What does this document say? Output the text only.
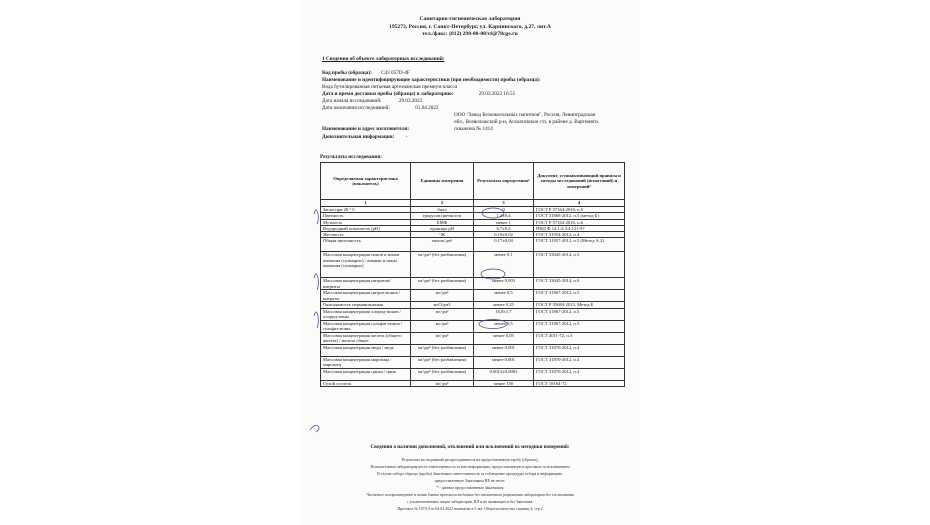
Санитарно-гигиеническая лаборатория
195273, Россия, г. Санкт-Петербург, ул. Карпинского, д.27, лит.А
тел./факс: (812) 298-00-00/vf@78cge.ru
1 Сведения об объекте лабораторных исследований:
Код пробы (образца): С43 057D-4F
Наименование и идентифицирующие характеристики (при необходимости) пробы (образца):
Вода бутилированная питьевая артезианская премиум класса
Дата и время доставки пробы (образца) в лабораторию:	29.03.2022 16:55
Дата начала исследований:	29.03.2022
Дата окончания исследований:	01.04.2022
ООО "Завод Безалкогольных напитков", Россия, Ленинградская
обл., Всеволожский р-н, Агалатовское с/п, в районе д. Вартемяги,
скважина № 1414
Наименование и адрес изготовителя:
Дополнительная информация: -
Результаты исследования:
Определяемая характеристика (показатель)	Единицы измерения	Результаты определения¹	Документ, устанавливающий правила и методы исследований (испытаний) и измерений²
1	2	3	4
Запах при 20 ° С	балл	0	ГОСТ Р 57164-2016, п.5
Цветность	градусов цветности	1,4±0,4	ГОСТ 31868-2012, п.5 (метод Б)
Мутность	ЕМФ	менее 1	ГОСТ Р 57164-2016, п.6
Водородный показатель (pH)	единицы pH	6,7±0,2	ПНД Ф 14.1:2:3:4.121-97
Жесткость	°Ж	0,10±0,02	ГОСТ 31954-2012, п.4
Общая щелочность	ммоль/дм³	0,17±0,04	ГОСТ 31957-2012, п.5 (Метод А.2)
Массовая концентрация ионов и ионов аммония (суммарно) / аммиак и ионы аммония (суммарно)	мг/дм³ (без разбавления)	менее 0,1	ГОСТ 33045-2014, п.5
Массовая концентрация нитритов/ нитриты	мг/дм³ (без разбавления)	менее 0,003	ГОСТ 33045-2014, п.6
Массовая концентрация нитрат-ионов / нитраты	мг/дм³	менее 0,5	ГОСТ 31867-2012, п.5
Окисляемость перманганатная	мгО/дм3	менее 0,25	ГОСТ Р 55684-2013, Метод Б
Массовая концентрация хлорид-ионов / хлорид-ионы	мг/дм³	16,8±1,7	ГОСТ 31867-2012, п.5
Массовая концентрация сульфат-ионов / сульфат-ионы	мг/дм³	менее 0,5	ГОСТ 31867-2012, п.5
Массовая концентрация железа (общего железа) / железо общее	мг/дм³	менее 0,05	ГОСТ 4011-72, п.3
Массовая концентрация меди / медь	мг/дм³ (без разбавления)	менее 0,001	ГОСТ 31870-2012, п.4
Массовая концентрация марганца / марганец	мг/дм³ (без разбавления)	менее 0,001	ГОСТ 31870-2012, п.4
Массовая концентрация цинка / цинк	мг/дм³ (без разбавления)	0,0013±0,0003	ГОСТ 31870-2012, п.4
Сухой остаток	мг/дм³	менее 150	ГОСТ 18164-72
Сведения о наличии дополнений, отклонений или исключений из методики измерений:
Результаты исследований распространяются на предоставленную пробу (образец).
Испытательная лаборатория несет ответственность за всю информацию, предоставленную в протоколе за исключением
В случае отбора образца (пробы) Заказчиком ответственность за соблюдение процедуры отбора и информацию,
предоставленную Заказчиком НЕ не несет.
* - данные предоставленные Заказчиком
Частичное воспроизведение и копия бланка протокола на бланке без письменного разрешения лаборатории без согласования
с уполномоченным лицом лаборатории, ИЛ и не являющиеся без Заказчика.
Протокол № 1974-4 от 04.04.2022 напечатан в 3 экз. Общее количество страниц 4, стр 2
